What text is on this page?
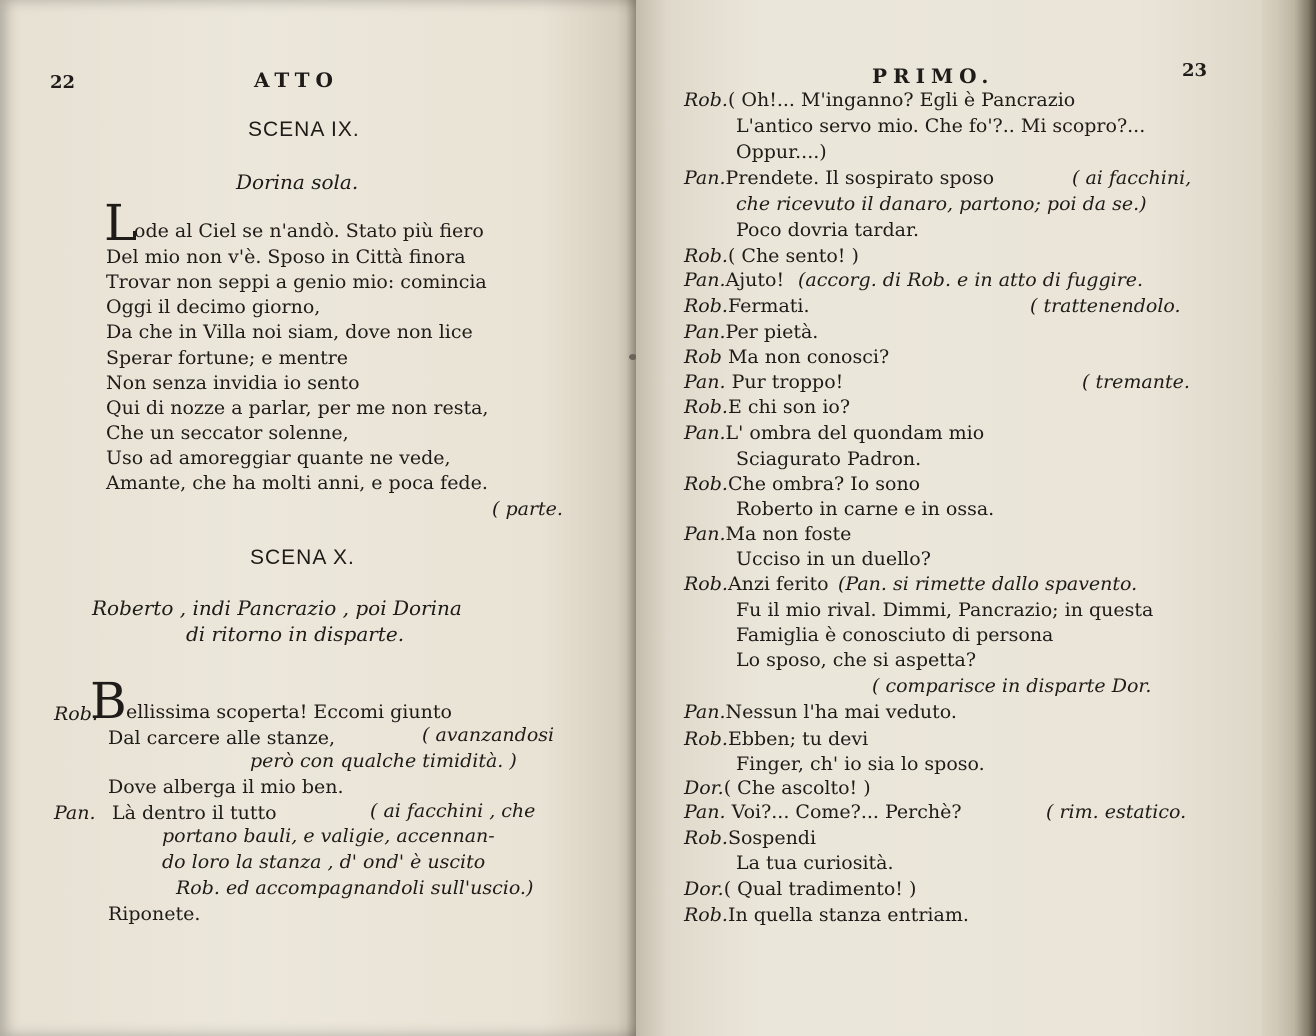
22	ATTO
SCENA IX.
Dorina sola.
L
ode al Ciel se n'andò. Stato più fiero
Del mio non v'è. Sposo in Città finora
Trovar non seppi a genio mio: comincia
Oggi il decimo giorno,
Da che in Villa noi siam, dove non lice
Sperar fortune; e mentre
Non senza invidia io sento
Qui di nozze a parlar, per me non resta,
Che un seccator solenne,
Uso ad amoreggiar quante ne vede,
Amante, che ha molti anni, e poca fede.
( parte.
SCENA X.
Roberto , indi Pancrazio , poi Dorina
di ritorno in disparte.
Rob.
B ellissima scoperta! Eccomi giunto
Dal carcere alle stanze,	( avanzandosi
però con qualche timidità. )
Dove alberga il mio ben.
Pan. Là dentro il tutto	( ai facchini , che
portano bauli, e valigie, accennan-
do loro la stanza , d' ond' è uscito
Rob. ed accompagnandoli sull'uscio.)
Riponete.
PRIMO.	23
Rob.( Oh!... M'inganno? Egli è Pancrazio
L'antico servo mio. Che fo'?.. Mi scopro?...
Oppur....)
Pan.Prendete. Il sospirato sposo	( ai facchini,
che ricevuto il danaro, partono; poi da se.)
Poco dovria tardar.
Rob.( Che sento! )
Pan.Ajuto! (accorg. di Rob. e in atto di fuggire.
Rob.Fermati.	( trattenendolo.
Pan.Per pietà.
Rob Ma non conosci?
Pan. Pur troppo!	( tremante.
Rob.E chi son io?
Pan.L' ombra del quondam mio
Sciagurato Padron.
Rob.Che ombra? Io sono
Roberto in carne e in ossa.
Pan.Ma non foste
Ucciso in un duello?
Rob.Anzi ferito (Pan. si rimette dallo spavento.
Fu il mio rival. Dimmi, Pancrazio; in questa
Famiglia è conosciuto di persona
Lo sposo, che si aspetta?
( comparisce in disparte Dor.
Pan.Nessun l'ha mai veduto.
Rob.Ebben; tu devi
Finger, ch' io sia lo sposo.
Dor.( Che ascolto! )
Pan. Voi?... Come?... Perchè?	( rim. estatico.
Rob.Sospendi
La tua curiosità.
Dor.( Qual tradimento! )
Rob.In quella stanza entriam.
